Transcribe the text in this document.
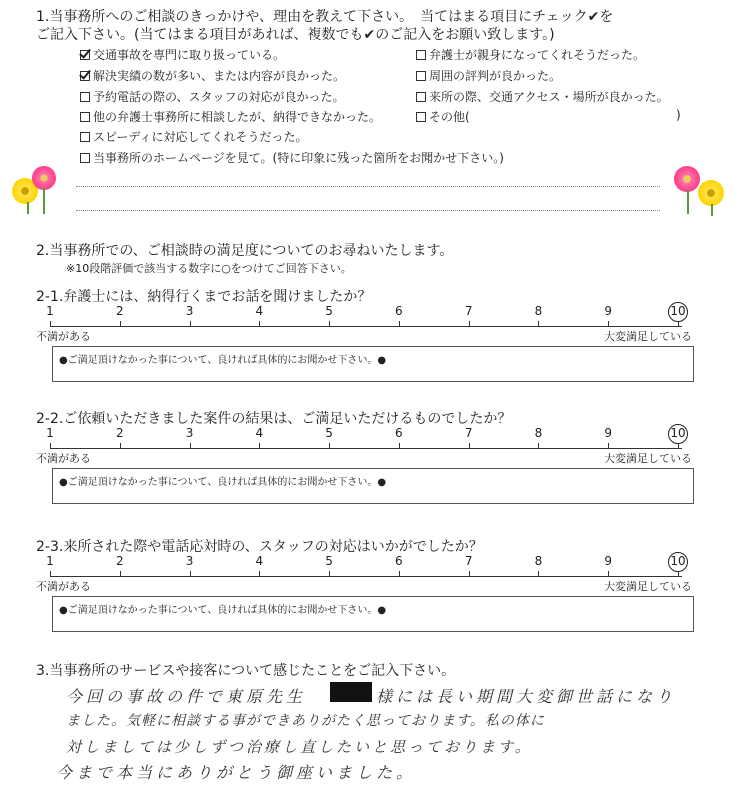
1.当事務所へのご相談のきっかけや、理由を教えて下さい。　当てはまる項目にチェック✔を
ご記入下さい。(当てはまる項目があれば、複数でも✔のご記入をお願い致します。)
交通事故を専門に取り扱っている。
解決実績の数が多い、または内容が良かった。
予約電話の際の、スタッフの対応が良かった。
他の弁護士事務所に相談したが、納得できなかった。
スピーディに対応してくれそうだった。
当事務所のホームページを見て。(特に印象に残った箇所をお聞かせ下さい。)
弁護士が親身になってくれそうだった。
周囲の評判が良かった。
来所の際、交通アクセス・場所が良かった。
その他(	)
2.当事務所での、ご相談時の満足度についてのお尋ねいたします。
※10段階評価で該当する数字に○をつけてご回答下さい。
2-1.弁護士には、納得行くまでお話を聞けましたか？
1	2	3	4	5	6	7	8	9	10
不満がある	大変満足している
●ご満足頂けなかった事について、良ければ具体的にお聞かせ下さい。●
2-2.ご依頼いただきました案件の結果は、ご満足いただけるものでしたか？
1	2	3	4	5	6	7	8	9	10
不満がある	大変満足している
●ご満足頂けなかった事について、良ければ具体的にお聞かせ下さい。●
2-3.来所された際や電話応対時の、スタッフの対応はいかがでしたか？
1	2	3	4	5	6	7	8	9	10
不満がある	大変満足している
●ご満足頂けなかった事について、良ければ具体的にお聞かせ下さい。●
3.当事務所のサービスや接客について感じたことをご記入下さい。
今回の事故の件で東原先生	様には長い期間大変御世話になり
ました。気軽に相談する事ができありがたく思っております。私の体に
対しましては少しずつ治療し直したいと思っております。
今まで本当にありがとう御座いました。
